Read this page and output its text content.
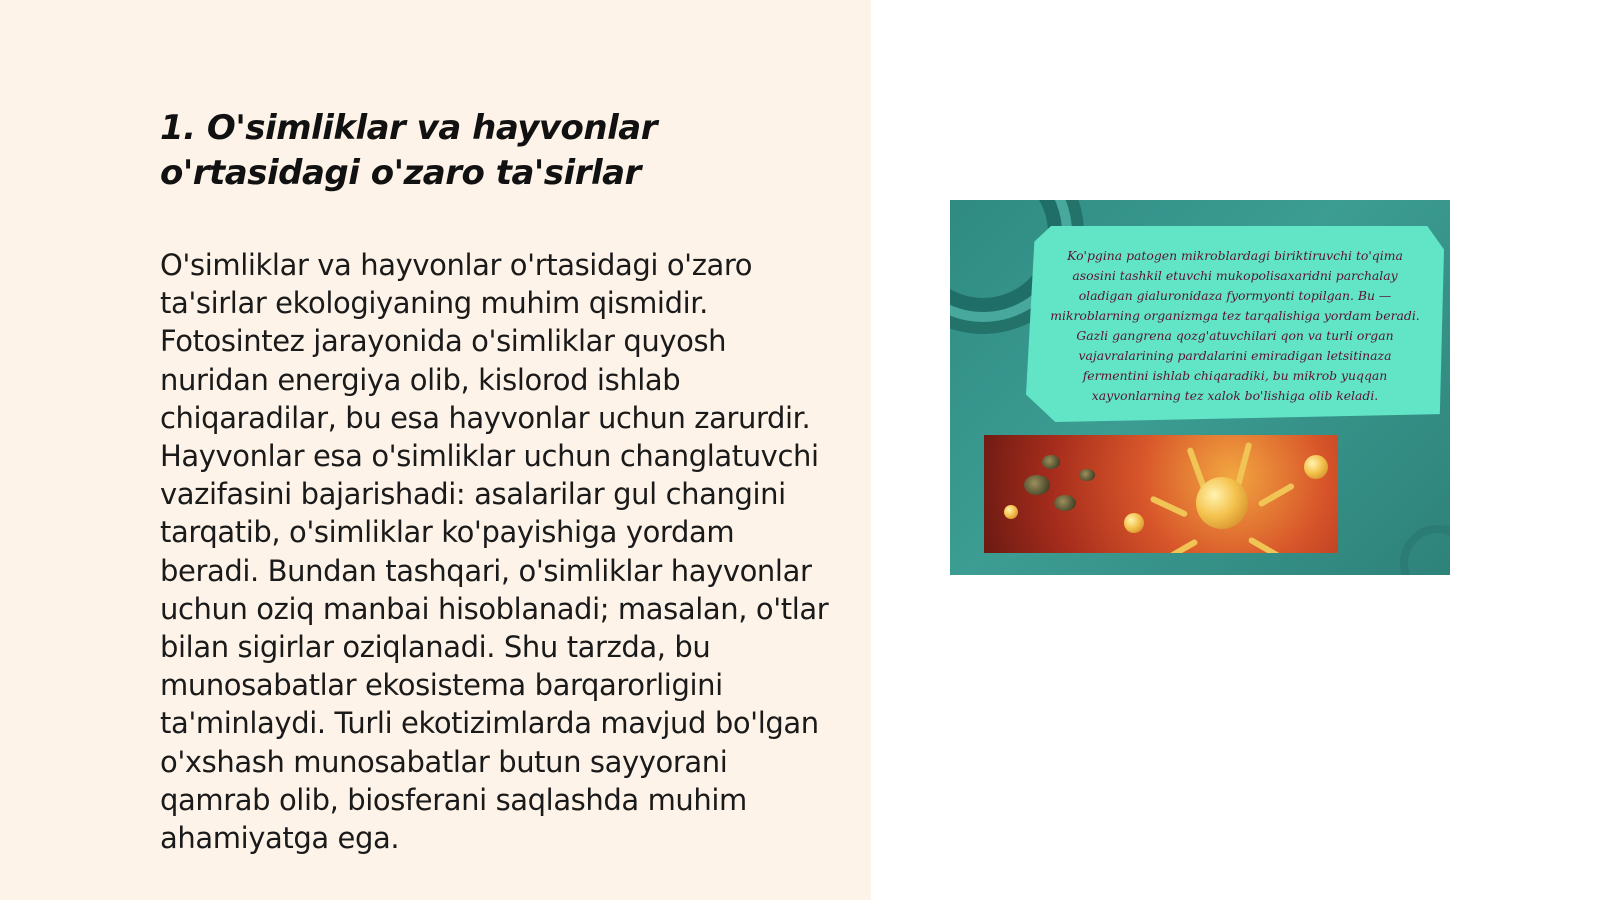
1. O'simliklar va hayvonlar o'rtasidagi o'zaro ta'sirlar

O'simliklar va hayvonlar o'rtasidagi o'zaro ta'sirlar ekologiyaning muhim qismidir. Fotosintez jarayonida o'simliklar quyosh nuridan energiya olib, kislorod ishlab chiqaradilar, bu esa hayvonlar uchun zarurdir. Hayvonlar esa o'simliklar uchun changlatuvchi vazifasini bajarishadi: asalarilar gul changini tarqatib, o'simliklar ko'payishiga yordam beradi. Bundan tashqari, o'simliklar hayvonlar uchun oziq manbai hisoblanadi; masalan, o'tlar bilan sigirlar oziqlanadi. Shu tarzda, bu munosabatlar ekosistema barqarorligini ta'minlaydi. Turli ekotizimlarda mavjud bo'lgan o'xshash munosabatlar butun sayyorani qamrab olib, biosferani saqlashda muhim ahamiyatga ega.

Ko'pgina patogen mikroblardagi biriktiruvchi to'qima asosini tashkil etuvchi mukopolisaxaridni parchalay oladigan gialuronidaza fyormyonti topilgan. Bu — mikroblarning organizmga tez tarqalishiga yordam beradi. Gazli gangrena qozg'atuvchilari qon va turli organ vajavralarining pardalarini emiradigan letsitinaza fermentini ishlab chiqaradiki, bu mikrob yuqqan xayvonlarning tez xalok bo'lishiga olib keladi.
